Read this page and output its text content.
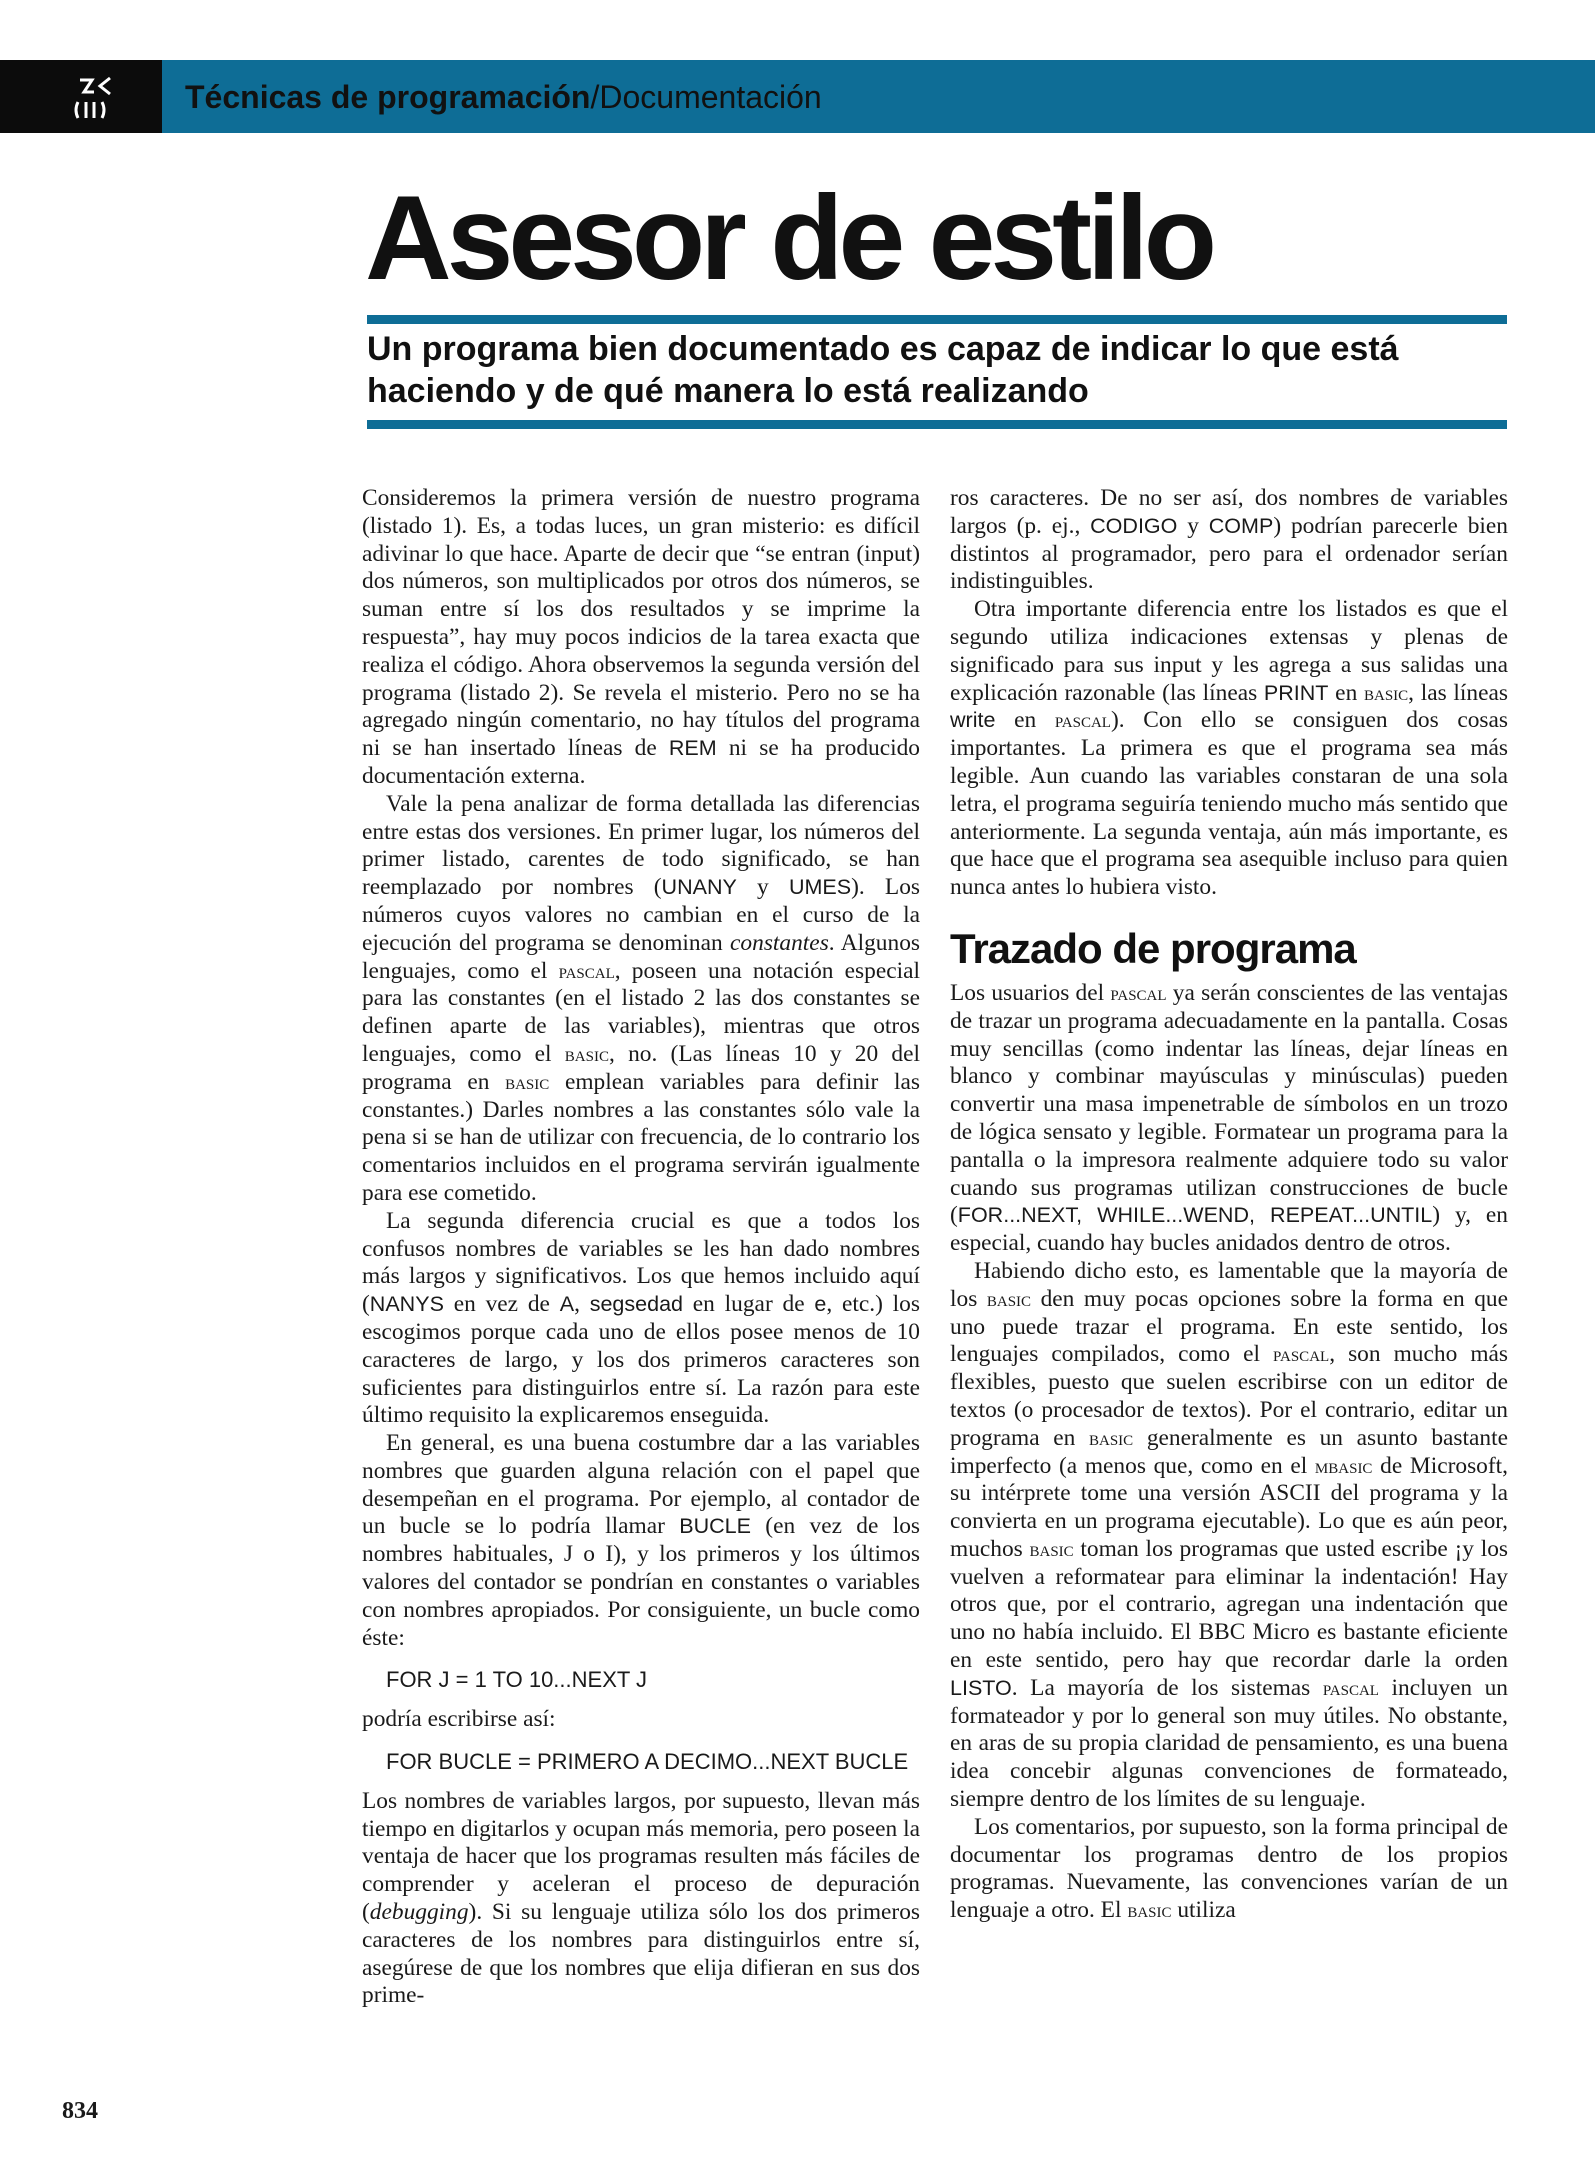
Técnicas de programación/Documentación
Asesor de estilo
Un programa bien documentado es capaz de indicar lo que está haciendo y de qué manera lo está realizando

Consideremos la primera versión de nuestro programa (listado 1). Es, a todas luces, un gran misterio: es difícil adivinar lo que hace. Aparte de decir que “se entran (input) dos números, son multiplicados por otros dos números, se suman entre sí los dos resultados y se imprime la respuesta”, hay muy pocos indicios de la tarea exacta que realiza el código. Ahora observemos la segunda versión del programa (listado 2). Se revela el misterio. Pero no se ha agregado ningún comentario, no hay títulos del programa ni se han insertado líneas de REM ni se ha producido documentación externa.

Vale la pena analizar de forma detallada las diferencias entre estas dos versiones. En primer lugar, los números del primer listado, carentes de todo significado, se han reemplazado por nombres (UNANY y UMES). Los números cuyos valores no cambian en el curso de la ejecución del programa se denominan constantes. Algunos lenguajes, como el pascal, poseen una notación especial para las constantes (en el listado 2 las dos constantes se definen aparte de las variables), mientras que otros lenguajes, como el basic, no. (Las líneas 10 y 20 del programa en basic emplean variables para definir las constantes.) Darles nombres a las constantes sólo vale la pena si se han de utilizar con frecuencia, de lo contrario los comentarios incluidos en el programa servirán igualmente para ese cometido.

La segunda diferencia crucial es que a todos los confusos nombres de variables se les han dado nombres más largos y significativos. Los que hemos incluido aquí (NANYS en vez de A, segsedad en lugar de e, etc.) los escogimos porque cada uno de ellos posee menos de 10 caracteres de largo, y los dos primeros caracteres son suficientes para distinguirlos entre sí. La razón para este último requisito la explicaremos enseguida.

En general, es una buena costumbre dar a las variables nombres que guarden alguna relación con el papel que desempeñan en el programa. Por ejemplo, al contador de un bucle se lo podría llamar BUCLE (en vez de los nombres habituales, J o I), y los primeros y los últimos valores del contador se pondrían en constantes o variables con nombres apropiados. Por consiguiente, un bucle como éste:

FOR J = 1 TO 10...NEXT J

podría escribirse así:

FOR BUCLE = PRIMERO A DECIMO...NEXT BUCLE

Los nombres de variables largos, por supuesto, llevan más tiempo en digitarlos y ocupan más memoria, pero poseen la ventaja de hacer que los programas resulten más fáciles de comprender y aceleran el proceso de depuración (debugging). Si su lenguaje utiliza sólo los dos primeros caracteres de los nombres para distinguirlos entre sí, asegúrese de que los nombres que elija difieran en sus dos prime-

ros caracteres. De no ser así, dos nombres de variables largos (p. ej., CODIGO y COMP) podrían parecerle bien distintos al programador, pero para el ordenador serían indistinguibles.

Otra importante diferencia entre los listados es que el segundo utiliza indicaciones extensas y plenas de significado para sus input y les agrega a sus salidas una explicación razonable (las líneas PRINT en basic, las líneas write en pascal). Con ello se consiguen dos cosas importantes. La primera es que el programa sea más legible. Aun cuando las variables constaran de una sola letra, el programa seguiría teniendo mucho más sentido que anteriormente. La segunda ventaja, aún más importante, es que hace que el programa sea asequible incluso para quien nunca antes lo hubiera visto.

Trazado de programa

Los usuarios del pascal ya serán conscientes de las ventajas de trazar un programa adecuadamente en la pantalla. Cosas muy sencillas (como indentar las líneas, dejar líneas en blanco y combinar mayúsculas y minúsculas) pueden convertir una masa impenetrable de símbolos en un trozo de lógica sensato y legible. Formatear un programa para la pantalla o la impresora realmente adquiere todo su valor cuando sus programas utilizan construcciones de bucle (FOR...NEXT, WHILE...WEND, REPEAT...UNTIL) y, en especial, cuando hay bucles anidados dentro de otros.

Habiendo dicho esto, es lamentable que la mayoría de los basic den muy pocas opciones sobre la forma en que uno puede trazar el programa. En este sentido, los lenguajes compilados, como el pascal, son mucho más flexibles, puesto que suelen escribirse con un editor de textos (o procesador de textos). Por el contrario, editar un programa en basic generalmente es un asunto bastante imperfecto (a menos que, como en el mbasic de Microsoft, su intérprete tome una versión ASCII del programa y la convierta en un programa ejecutable). Lo que es aún peor, muchos basic toman los programas que usted escribe ¡y los vuelven a reformatear para eliminar la indentación! Hay otros que, por el contrario, agregan una indentación que uno no había incluido. El BBC Micro es bastante eficiente en este sentido, pero hay que recordar darle la orden LISTO. La mayoría de los sistemas pascal incluyen un formateador y por lo general son muy útiles. No obstante, en aras de su propia claridad de pensamiento, es una buena idea concebir algunas convenciones de formateado, siempre dentro de los límites de su lenguaje.

Los comentarios, por supuesto, son la forma principal de documentar los programas dentro de los propios programas. Nuevamente, las convenciones varían de un lenguaje a otro. El basic utiliza

834
